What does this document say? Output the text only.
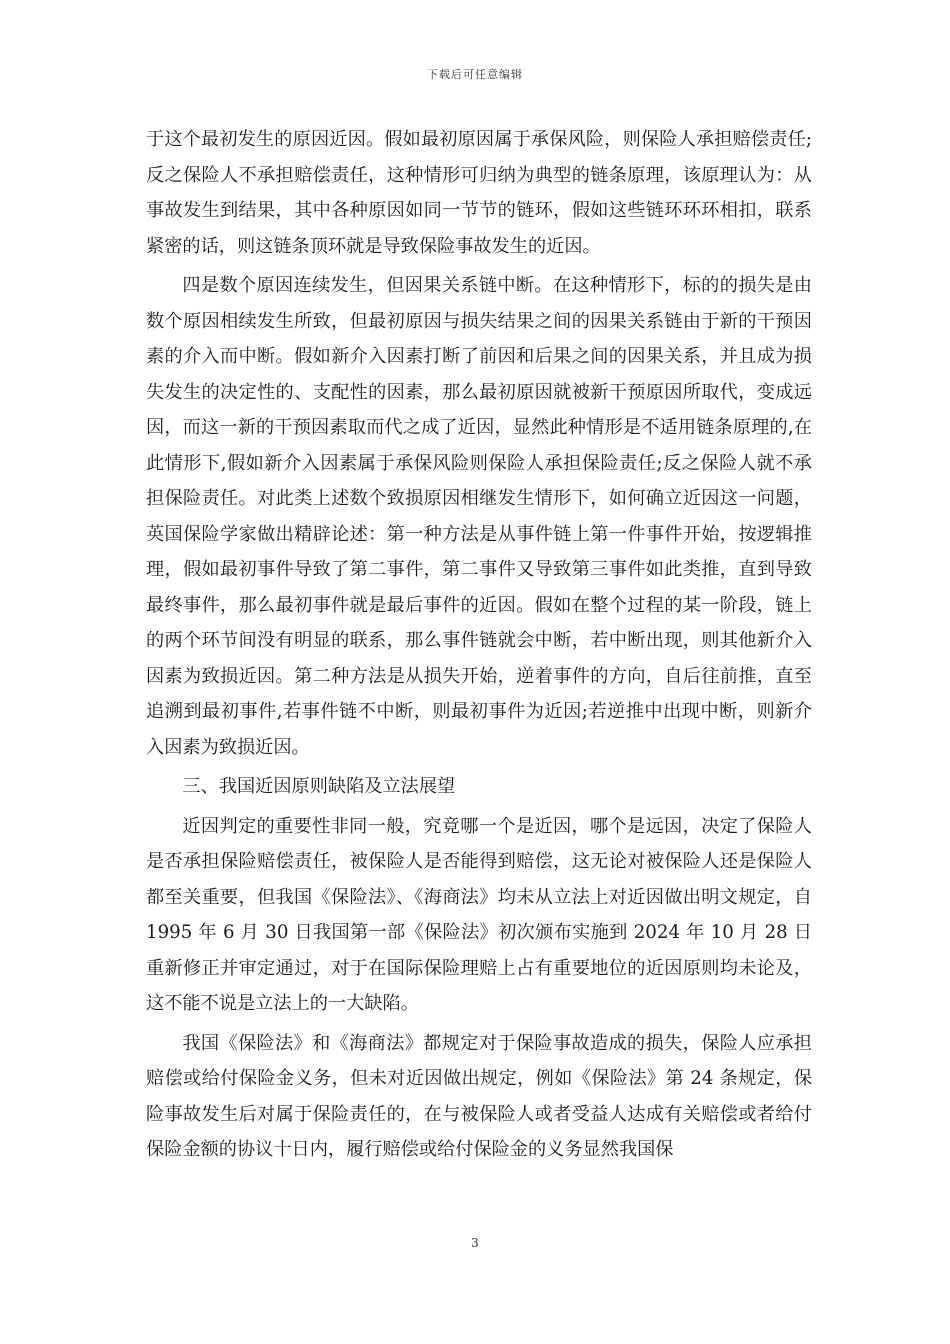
下载后可任意编辑

于这个最初发生的原因近因。假如最初原因属于承保风险，则保险人承担赔偿责任;反之保险人不承担赔偿责任，这种情形可归纳为典型的链条原理，该原理认为：从事故发生到结果，其中各种原因如同一节节的链环，假如这些链环环环相扣，联系紧密的话，则这链条顶环就是导致保险事故发生的近因。

四是数个原因连续发生，但因果关系链中断。在这种情形下，标的的损失是由数个原因相续发生所致，但最初原因与损失结果之间的因果关系链由于新的干预因素的介入而中断。假如新介入因素打断了前因和后果之间的因果关系，并且成为损失发生的决定性的、支配性的因素，那么最初原因就被新干预原因所取代，变成远因，而这一新的干预因素取而代之成了近因，显然此种情形是不适用链条原理的,在此情形下,假如新介入因素属于承保风险则保险人承担保险责任;反之保险人就不承担保险责任。对此类上述数个致损原因相继发生情形下，如何确立近因这一问题，英国保险学家做出精辟论述：第一种方法是从事件链上第一件事件开始，按逻辑推理，假如最初事件导致了第二事件，第二事件又导致第三事件如此类推，直到导致最终事件，那么最初事件就是最后事件的近因。假如在整个过程的某一阶段，链上的两个环节间没有明显的联系，那么事件链就会中断，若中断出现，则其他新介入因素为致损近因。第二种方法是从损失开始，逆着事件的方向，自后往前推，直至追溯到最初事件,若事件链不中断，则最初事件为近因;若逆推中出现中断，则新介入因素为致损近因。

三、我国近因原则缺陷及立法展望

近因判定的重要性非同一般，究竟哪一个是近因，哪个是远因，决定了保险人是否承担保险赔偿责任，被保险人是否能得到赔偿，这无论对被保险人还是保险人都至关重要，但我国《保险法》、《海商法》均未从立法上对近因做出明文规定，自 1995 年 6 月 30 日我国第一部《保险法》初次颁布实施到 2024 年 10 月 28 日重新修正并审定通过，对于在国际保险理赔上占有重要地位的近因原则均未论及，这不能不说是立法上的一大缺陷。

我国《保险法》和《海商法》都规定对于保险事故造成的损失，保险人应承担赔偿或给付保险金义务，但未对近因做出规定，例如《保险法》第 24 条规定，保险事故发生后对属于保险责任的，在与被保险人或者受益人达成有关赔偿或者给付保险金额的协议十日内，履行赔偿或给付保险金的义务显然我国保

3
